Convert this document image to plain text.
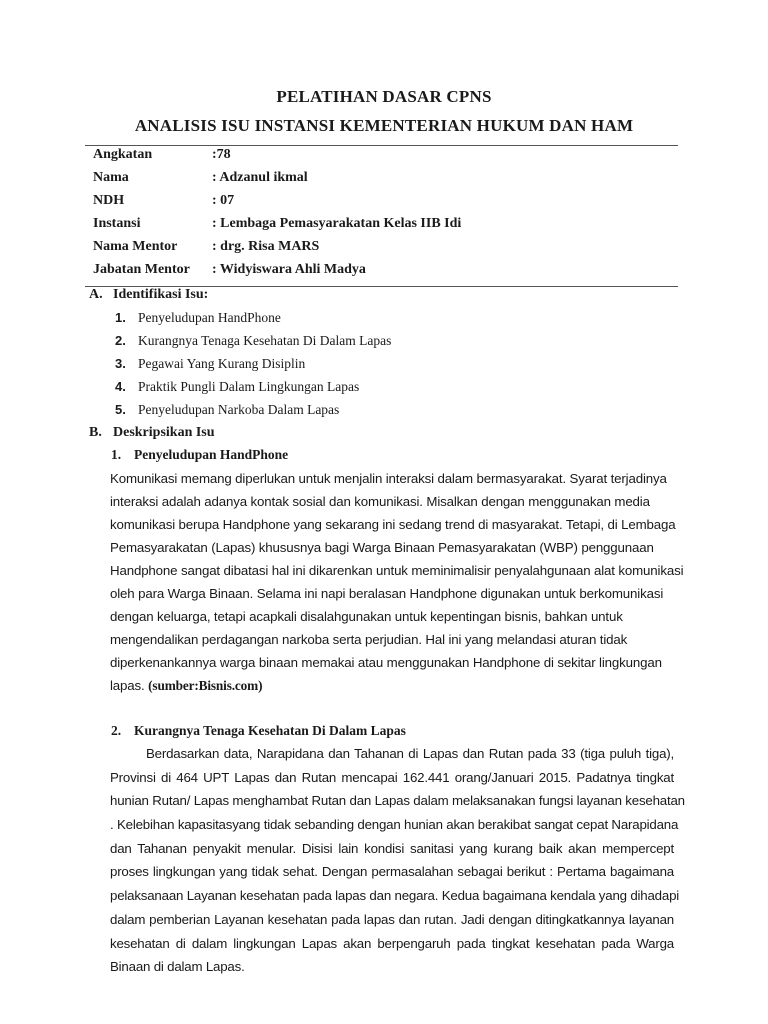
PELATIHAN DASAR CPNS
ANALISIS ISU INSTANSI KEMENTERIAN HUKUM DAN HAM
Angkatan	:78
Nama	: Adzanul ikmal
NDH	: 07
Instansi	: Lembaga Pemasyarakatan Kelas IIB Idi
Nama Mentor : drg. Risa MARS
Jabatan Mentor : Widyiswara Ahli Madya
A. Identifikasi Isu:
1. Penyeludupan HandPhone
2. Kurangnya Tenaga Kesehatan Di Dalam Lapas
3. Pegawai Yang Kurang Disiplin
4. Praktik Pungli Dalam Lingkungan Lapas
5. Penyeludupan Narkoba Dalam Lapas
B. Deskripsikan Isu
1. Penyeludupan HandPhone
Komunikasi memang diperlukan untuk menjalin interaksi dalam bermasyarakat. Syarat terjadinya
interaksi adalah adanya kontak sosial dan komunikasi. Misalkan dengan menggunakan media
komunikasi berupa Handphone yang sekarang ini sedang trend di masyarakat. Tetapi, di Lembaga
Pemasyarakatan (Lapas) khususnya bagi Warga Binaan Pemasyarakatan (WBP) penggunaan
Handphone sangat dibatasi hal ini dikarenkan untuk meminimalisir penyalahgunaan alat komunikasi
oleh para Warga Binaan. Selama ini napi beralasan Handphone digunakan untuk berkomunikasi
dengan keluarga, tetapi acapkali disalahgunakan untuk kepentingan bisnis, bahkan untuk
mengendalikan perdagangan narkoba serta perjudian. Hal ini yang melandasi aturan tidak
diperkenankannya warga binaan memakai atau menggunakan Handphone di sekitar lingkungan
lapas. (sumber:Bisnis.com)
2. Kurangnya Tenaga Kesehatan Di Dalam Lapas
Berdasarkan data, Narapidana dan Tahanan di Lapas dan Rutan pada 33 (tiga puluh tiga),
Provinsi di 464 UPT Lapas dan Rutan mencapai 162.441 orang/Januari 2015. Padatnya tingkat
hunian Rutan/ Lapas menghambat Rutan dan Lapas dalam melaksanakan fungsi layanan kesehatan
. Kelebihan kapasitasyang tidak sebanding dengan hunian akan berakibat sangat cepat Narapidana
dan Tahanan penyakit menular. Disisi lain kondisi sanitasi yang kurang baik akan mempercept
proses lingkungan yang tidak sehat. Dengan permasalahan sebagai berikut : Pertama bagaimana
pelaksanaan Layanan kesehatan pada lapas dan negara. Kedua bagaimana kendala yang dihadapi
dalam pemberian Layanan kesehatan pada lapas dan rutan. Jadi dengan ditingkatkannya layanan
kesehatan di dalam lingkungan Lapas akan berpengaruh pada tingkat kesehatan pada Warga
Binaan di dalam Lapas.
